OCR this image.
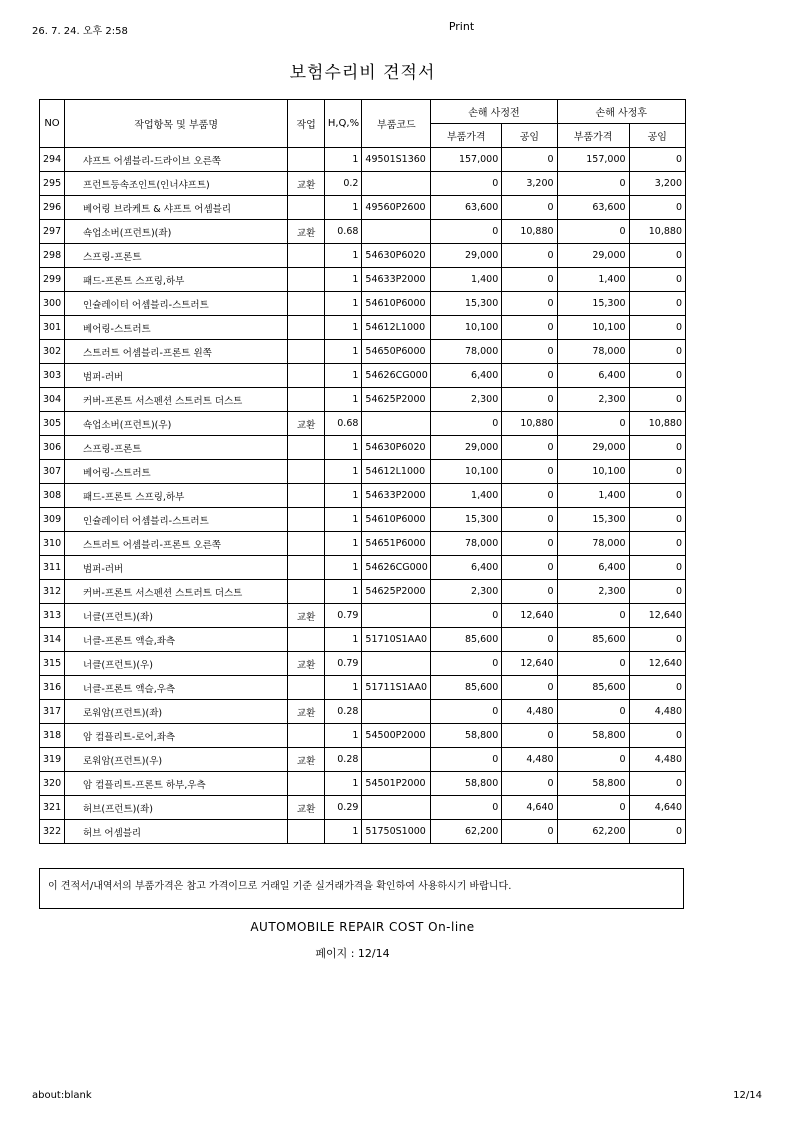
26. 7. 24. 오후 2:58	Print
보험수리비 견적서
NO	작업항목 및 부품명	작업	H,Q,%	부품코드	손해 사정전		손해 사정후	
					부품가격	공임	부품가격	공임
294	샤프트 어셈블리-드라이브 오른쪽		1	49501S1360	157,000	0	157,000	0
295	프런트등속조인트(인너샤프트)	교환	0.2		0	3,200	0	3,200
296	베어링 브라케트 & 샤프트 어셈블리		1	49560P2600	63,600	0	63,600	0
297	쇽업소버(프런트)(좌)	교환	0.68		0	10,880	0	10,880
298	스프링-프론트		1	54630P6020	29,000	0	29,000	0
299	패드-프론트 스프링,하부		1	54633P2000	1,400	0	1,400	0
300	인슐레이터 어셈블리-스트러트		1	54610P6000	15,300	0	15,300	0
301	베어링-스트러트		1	54612L1000	10,100	0	10,100	0
302	스트러트 어셈블리-프론트 왼쪽		1	54650P6000	78,000	0	78,000	0
303	범퍼-러버		1	54626CG000	6,400	0	6,400	0
304	커버-프론트 서스펜션 스트러트 더스트		1	54625P2000	2,300	0	2,300	0
305	쇽업소버(프런트)(우)	교환	0.68		0	10,880	0	10,880
306	스프링-프론트		1	54630P6020	29,000	0	29,000	0
307	베어링-스트러트		1	54612L1000	10,100	0	10,100	0
308	패드-프론트 스프링,하부		1	54633P2000	1,400	0	1,400	0
309	인슐레이터 어셈블리-스트러트		1	54610P6000	15,300	0	15,300	0
310	스트러트 어셈블리-프론트 오른쪽		1	54651P6000	78,000	0	78,000	0
311	범퍼-러버		1	54626CG000	6,400	0	6,400	0
312	커버-프론트 서스펜션 스트러트 더스트		1	54625P2000	2,300	0	2,300	0
313	너클(프런트)(좌)	교환	0.79		0	12,640	0	12,640
314	너클-프론트 액슬,좌측		1	51710S1AA0	85,600	0	85,600	0
315	너클(프런트)(우)	교환	0.79		0	12,640	0	12,640
316	너클-프론트 액슬,우측		1	51711S1AA0	85,600	0	85,600	0
317	로워암(프런트)(좌)	교환	0.28		0	4,480	0	4,480
318	암 컴플리트-로어,좌측		1	54500P2000	58,800	0	58,800	0
319	로워암(프런트)(우)	교환	0.28		0	4,480	0	4,480
320	암 컴플리트-프론트 하부,우측		1	54501P2000	58,800	0	58,800	0
321	허브(프런트)(좌)	교환	0.29		0	4,640	0	4,640
322	허브 어셈블리		1	51750S1000	62,200	0	62,200	0
이 견적서/내역서의 부품가격은 참고 가격이므로 거래일 기준 실거래가격을 확인하여 사용하시기 바랍니다.
AUTOMOBILE REPAIR COST On-line
페이지 : 12/14
about:blank	12/14
